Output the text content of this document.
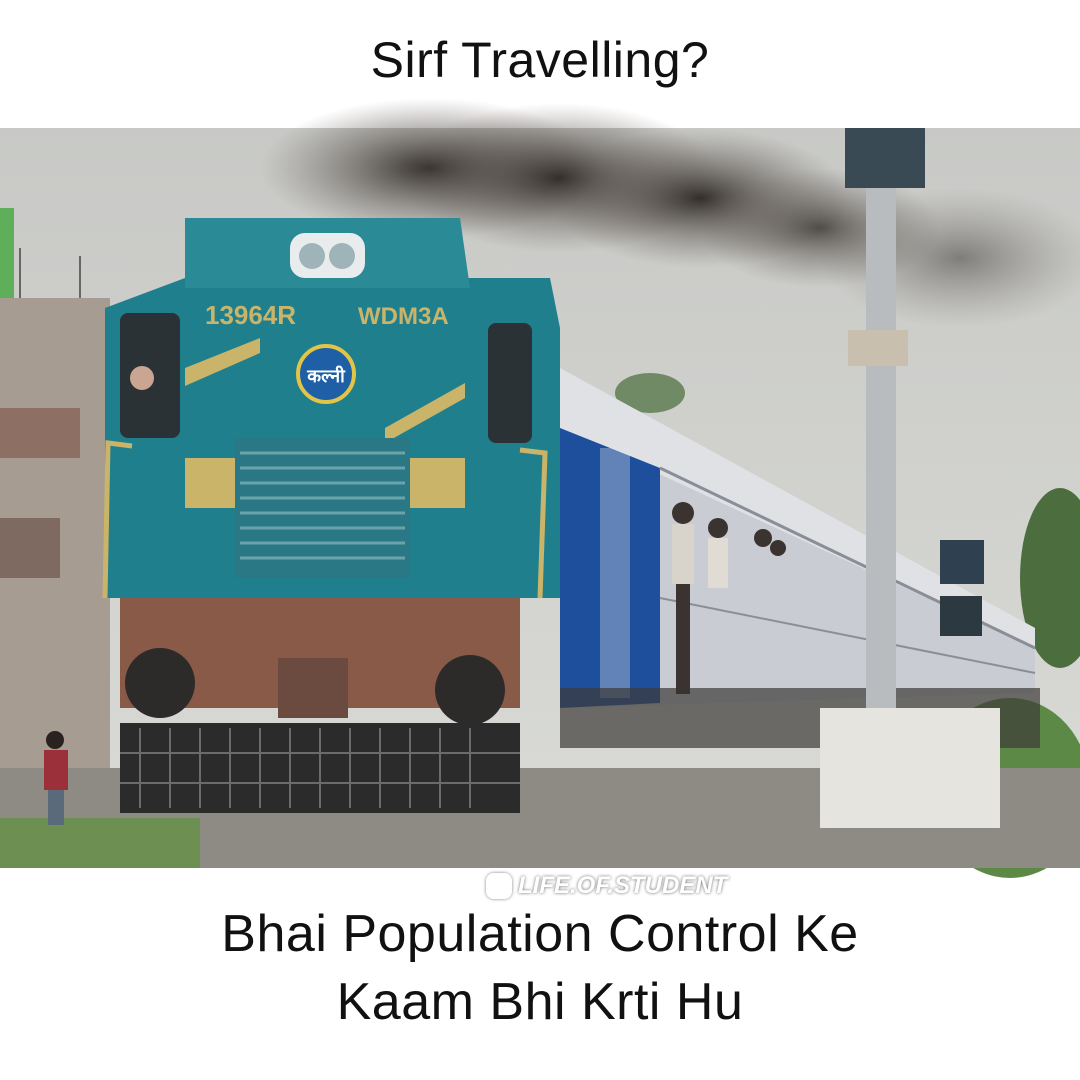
Sirf Travelling?
13964R	WDM3A
कल्नी
LIFE.OF.STUDENT
Bhai Population Control Ke
Kaam Bhi Krti Hu
